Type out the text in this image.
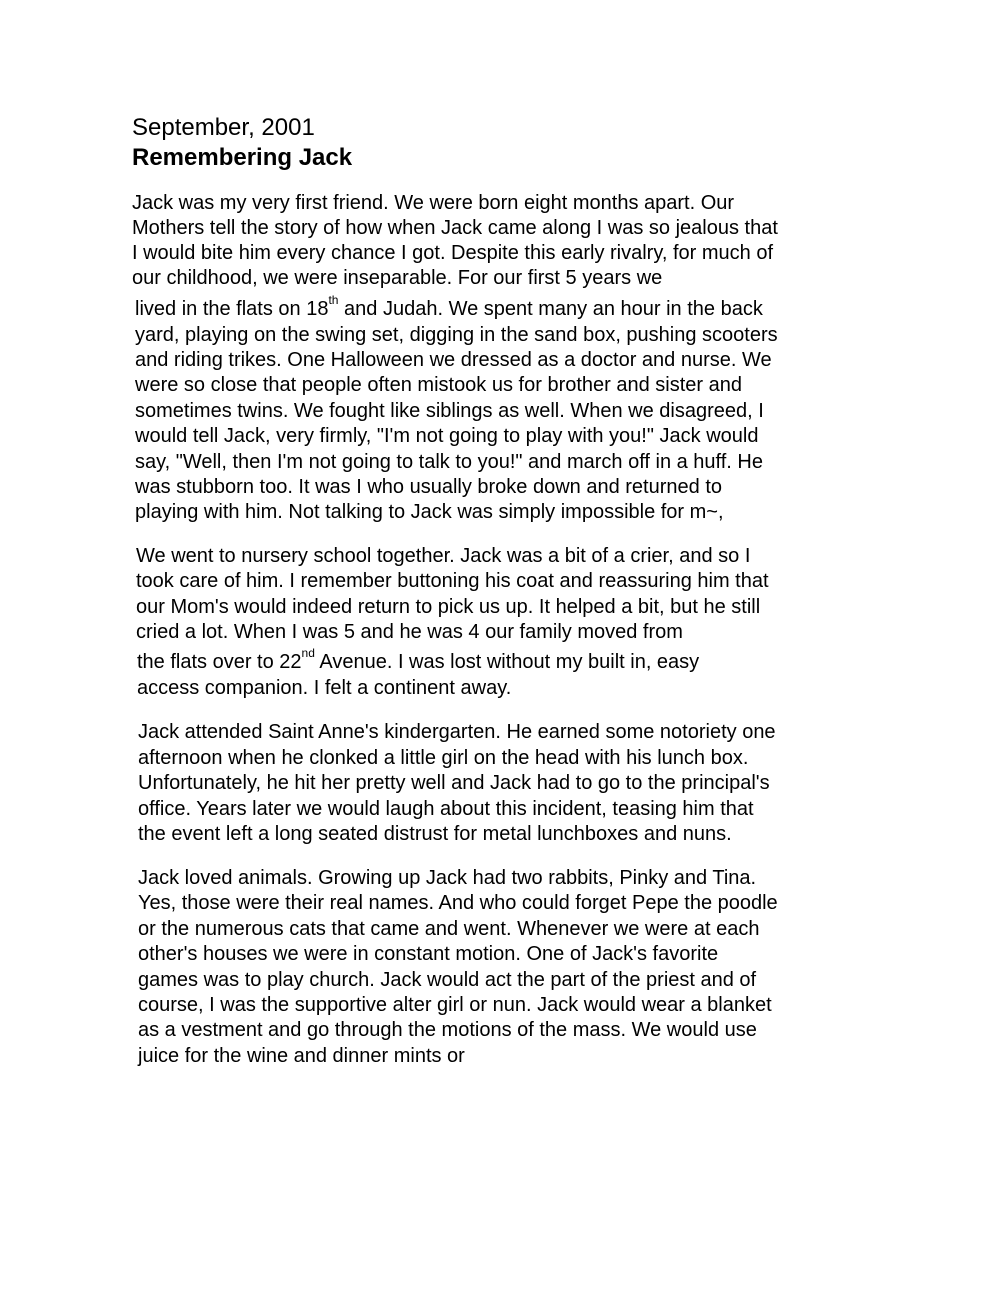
September, 2001
Remembering Jack
Jack was my very first friend. We were born eight months apart. Our
Mothers tell the story of how when Jack came along I was so jealous that
I would bite him every chance I got. Despite this early rivalry, for much of
our childhood, we were inseparable. For our first 5 years we
lived in the flats on 18th and Judah. We spent many an hour in the back
yard, playing on the swing set, digging in the sand box, pushing scooters
and riding trikes. One Halloween we dressed as a doctor and nurse. We
were so close that people often mistook us for brother and sister and
sometimes twins. We fought like siblings as well. When we disagreed, I
would tell Jack, very firmly, "I'm not going to play with you!" Jack would
say, "Well, then I'm not going to talk to you!" and march off in a huff. He
was stubborn too. It was I who usually broke down and returned to
playing with him. Not talking to Jack was simply impossible for m~,
We went to nursery school together. Jack was a bit of a crier, and so I
took care of him. I remember buttoning his coat and reassuring him that
our Mom's would indeed return to pick us up. It helped a bit, but he still
cried a lot. When I was 5 and he was 4 our family moved from
the flats over to 22nd Avenue. I was lost without my built in, easy
access companion. I felt a continent away.
Jack attended Saint Anne's kindergarten. He earned some notoriety one
afternoon when he clonked a little girl on the head with his lunch box.
Unfortunately, he hit her pretty well and Jack had to go to the principal's
office. Years later we would laugh about this incident, teasing him that
the event left a long seated distrust for metal lunchboxes and nuns.
Jack loved animals. Growing up Jack had two rabbits, Pinky and Tina.
Yes, those were their real names. And who could forget Pepe the poodle
or the numerous cats that came and went. Whenever we were at each
other's houses we were in constant motion. One of Jack's favorite
games was to play church. Jack would act the part of the priest and of
course, I was the supportive alter girl or nun. Jack would wear a blanket
as a vestment and go through the motions of the mass. We would use
juice for the wine and dinner mints or
